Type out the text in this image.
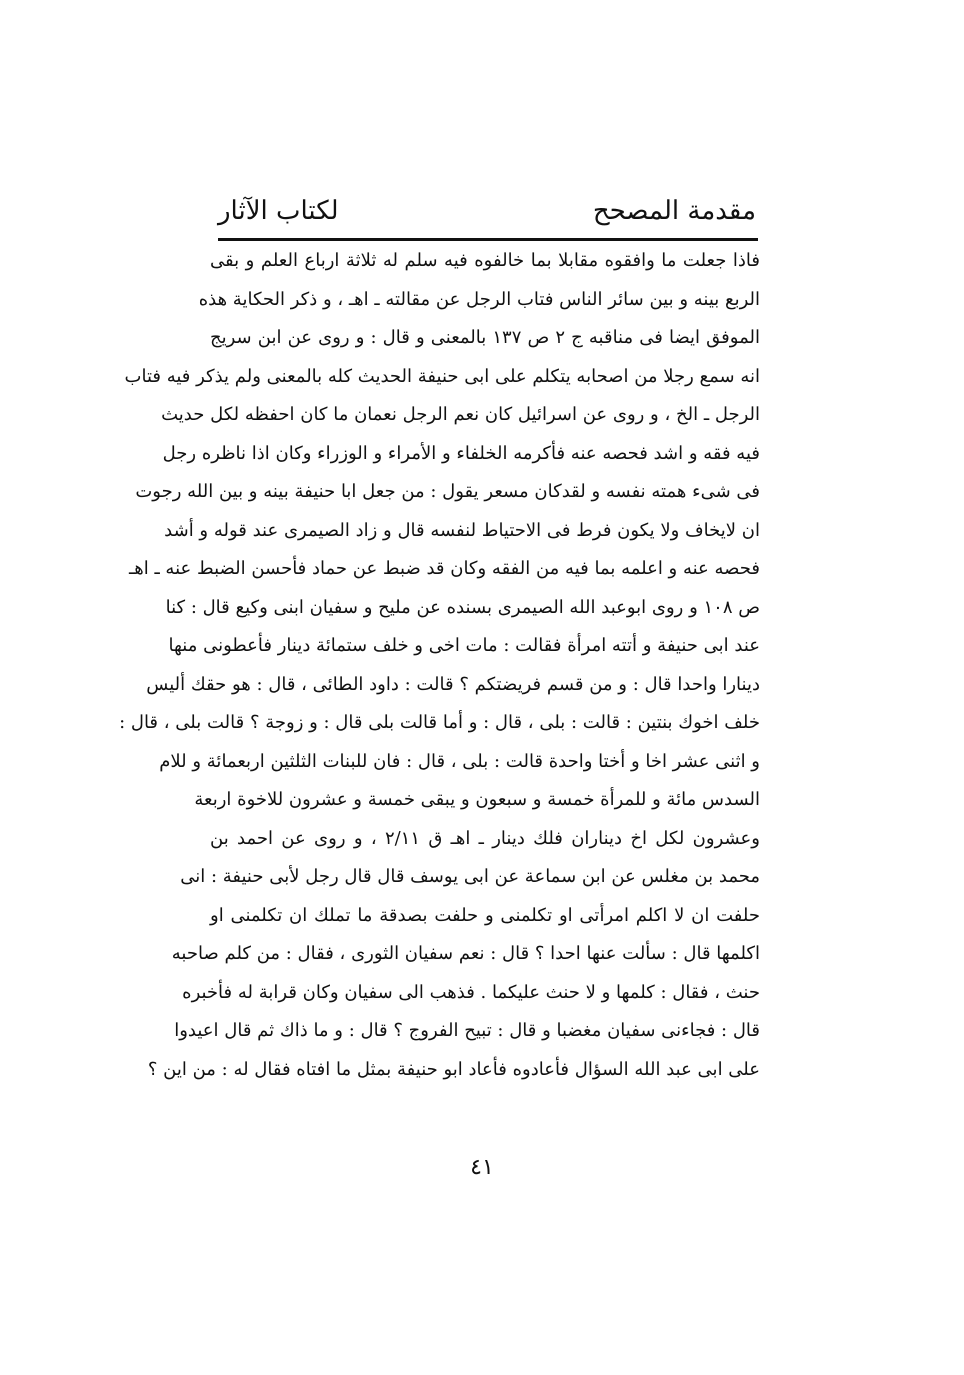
مقدمة المصحح
لكتاب الآثار
فاذا جعلت ما وافقوه مقابلا بما خالفوه فيه سلم له ثلاثة ارباع العلم و بقى
الربع بينه و بين سائر الناس فتاب الرجل عن مقالته ـ اهـ ، و ذكر الحكاية هذه
الموفق ايضا فى مناقبه ج ٢ ص ١٣٧ بالمعنى و قال : و روى عن ابن سريج
انه سمع رجلا من اصحابه يتكلم على ابى حنيفة الحديث كله بالمعنى ولم يذكر فيه فتاب
الرجل ـ الخ ، و روى عن اسرائيل كان نعم الرجل نعمان ما كان احفظه لكل حديث
فيه فقه و اشد فحصه عنه فأكرمه الخلفاء و الأمراء و الوزراء وكان اذا ناظره رجل
فى شىء همته نفسه و لقدكان مسعر يقول : من جعل ابا حنيفة بينه و بين الله رجوت
ان لايخاف ولا يكون فرط فى الاحتياط لنفسه قال و زاد الصيمرى عند قوله و أشد
فحصه عنه و اعلمه بما فيه من الفقه وكان قد ضبط عن حماد فأحسن الضبط عنه ـ اهـ
ص ١٠٨ و روى ابوعبد الله الصيمرى بسنده عن مليح و سفيان ابنى وكيع قال : كنا
عند ابى حنيفة و أتته امرأة فقالت : مات اخى و خلف ستمائة دينار فأعطونى منها
دينارا واحدا قال : و من قسم فريضتكم ؟ قالت : داود الطائى ، قال : هو حقك أليس
خلف اخوك بنتين : قالت : بلى ، قال : و أما قالت بلى قال : و زوجة ؟ قالت بلى ، قال :
و اثنى عشر اخا و أختا واحدة قالت : بلى ، قال : فان للبنات الثلثين اربعمائة و للام
السدس مائة و للمرأة خمسة و سبعون و يبقى خمسة و عشرون للاخوة اربعة
وعشرون لكل اخ ديناران فلك دينار ـ اهـ ق ٢/١١ ، و روى عن احمد بن
محمد بن مغلس عن ابن سماعة عن ابى يوسف قال قال رجل لأبى حنيفة : انى
حلفت ان لا اكلم امرأتى او تكلمنى و حلفت بصدقة ما تملك ان تكلمنى او
اكلمها قال : سألت عنها احدا ؟ قال : نعم سفيان الثورى ، فقال : من كلم صاحبه
حنث ، فقال : كلمها و لا حنث عليكما . فذهب الى سفيان وكان قرابة له فأخبره
قال : فجاءنى سفيان مغضبا و قال : تبيح الفروج ؟ قال : و ما ذاك ثم قال اعيدوا
على ابى عبد الله السؤال فأعادوه فأعاد ابو حنيفة بمثل ما افتاه فقال له : من اين ؟
٤١
